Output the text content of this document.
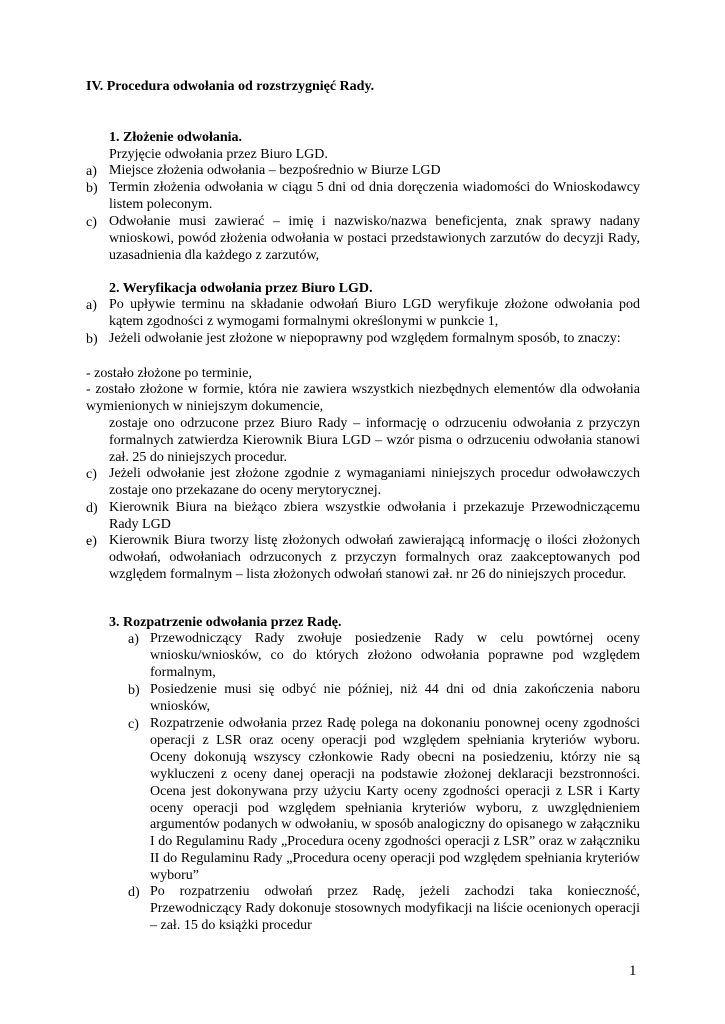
IV. Procedura odwołania od rozstrzygnięć Rady.
1. Złożenie odwołania.
Przyjęcie odwołania przez Biuro LGD.
a) Miejsce złożenia odwołania – bezpośrednio w Biurze LGD
b) Termin złożenia odwołania w ciągu 5 dni od dnia doręczenia wiadomości do Wnioskodawcy listem poleconym.
c) Odwołanie musi zawierać – imię i nazwisko/nazwa beneficjenta, znak sprawy nadany wnioskowi, powód złożenia odwołania w postaci przedstawionych zarzutów do decyzji Rady, uzasadnienia dla każdego z zarzutów,
2. Weryfikacja odwołania przez Biuro LGD.
a) Po upływie terminu na składanie odwołań Biuro LGD weryfikuje złożone odwołania pod kątem zgodności z wymogami formalnymi określonymi w punkcie 1,
b) Jeżeli odwołanie jest złożone w niepoprawny pod względem formalnym sposób, to znaczy:
- zostało złożone po terminie,
- zostało złożone w formie, która nie zawiera wszystkich niezbędnych elementów dla odwołania wymienionych w niniejszym dokumencie,
zostaje ono odrzucone przez Biuro Rady – informację o odrzuceniu odwołania z przyczyn formalnych zatwierdza Kierownik Biura LGD – wzór pisma o odrzuceniu odwołania stanowi zał. 25 do niniejszych procedur.
c) Jeżeli odwołanie jest złożone zgodnie z wymaganiami niniejszych procedur odwoławczych zostaje ono przekazane do oceny merytorycznej.
d) Kierownik Biura na bieżąco zbiera wszystkie odwołania i przekazuje Przewodniczącemu Rady LGD
e) Kierownik Biura tworzy listę złożonych odwołań zawierającą informację o ilości złożonych odwołań, odwołaniach odrzuconych z przyczyn formalnych oraz zaakceptowanych pod względem formalnym – lista złożonych odwołań stanowi zał. nr 26 do niniejszych procedur.
3. Rozpatrzenie odwołania przez Radę.
a) Przewodniczący Rady zwołuje posiedzenie Rady w celu powtórnej oceny wniosku/wniosków, co do których złożono odwołania poprawne pod względem formalnym,
b) Posiedzenie musi się odbyć nie później, niż 44 dni od dnia zakończenia naboru wniosków,
c) Rozpatrzenie odwołania przez Radę polega na dokonaniu ponownej oceny zgodności operacji z LSR oraz oceny operacji pod względem spełniania kryteriów wyboru. Oceny dokonują wszyscy członkowie Rady obecni na posiedzeniu, którzy nie są wykluczeni z oceny danej operacji na podstawie złożonej deklaracji bezstronności. Ocena jest dokonywana przy użyciu Karty oceny zgodności operacji z LSR i Karty oceny operacji pod względem spełniania kryteriów wyboru, z uwzględnieniem argumentów podanych w odwołaniu, w sposób analogiczny do opisanego w załączniku I do Regulaminu Rady „Procedura oceny zgodności operacji z LSR” oraz w załączniku II do Regulaminu Rady „Procedura oceny operacji pod względem spełniania kryteriów wyboru”
d) Po rozpatrzeniu odwołań przez Radę, jeżeli zachodzi taka konieczność, Przewodniczący Rady dokonuje stosownych modyfikacji na liście ocenionych operacji – zał. 15 do książki procedur
1
